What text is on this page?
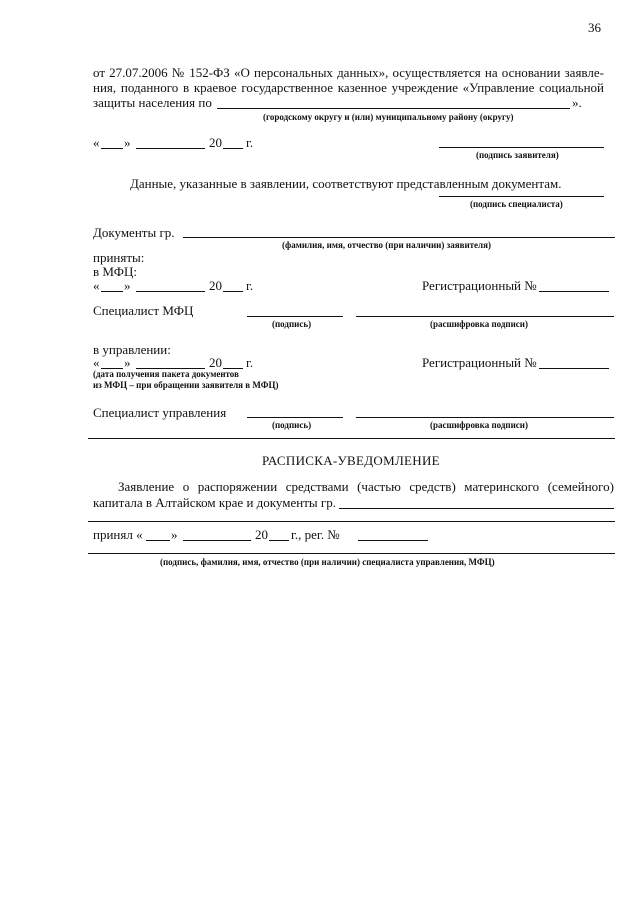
36
от 27.07.2006 № 152-ФЗ «О персональных данных», осуществляется на основании заявле-
ния, поданного в краевое государственное казенное учреждение «Управление социальной
защиты населения по	».
(городскому округу и (или) муниципальному району (округу)
« »	20 г.
(подпись заявителя)
Данные, указанные в заявлении, соответствуют представленным документам.
(подпись специалиста)
Документы гр.
(фамилия, имя, отчество (при наличии) заявителя)
приняты:
в МФЦ:
« »	20 г.	Регистрационный №
Специалист МФЦ
(подпись)	(расшифровка подписи)
в управлении:
« »	20 г.	Регистрационный №
(дата получения пакета документов
из МФЦ – при обращении заявителя в МФЦ)
Специалист управления
(подпись)	(расшифровка подписи)
РАСПИСКА-УВЕДОМЛЕНИЕ
Заявление о распоряжении средствами (частью средств) материнского (семейного)
капитала в Алтайском крае и документы гр.
принял « »	20 г., рег. №
(подпись, фамилия, имя, отчество (при наличии) специалиста управления, МФЦ)
